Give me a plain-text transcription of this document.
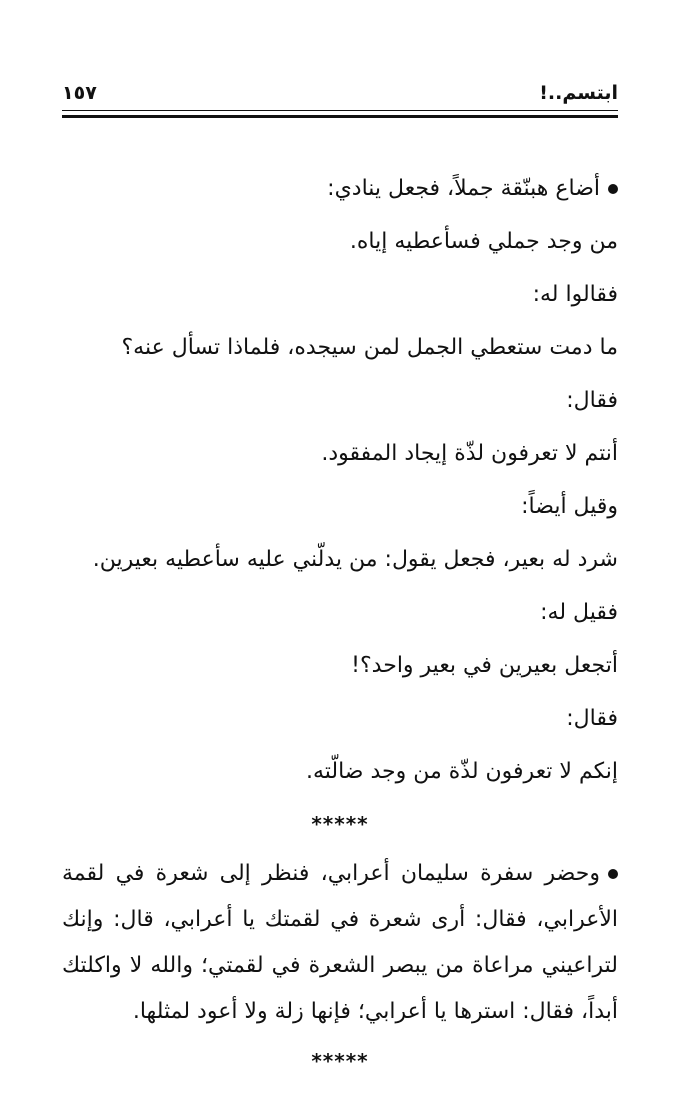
ابتسم..!
١٥٧

أضاع هبنّقة جملاً، فجعل ينادي:

من وجد جملي فسأعطيه إياه.

فقالوا له:

ما دمت ستعطي الجمل لمن سيجده، فلماذا تسأل عنه؟

فقال:

أنتم لا تعرفون لذّة إيجاد المفقود.

وقيل أيضاً:

شرد له بعير، فجعل يقول: من يدلّني عليه سأعطيه بعيرين.

فقيل له:

أتجعل بعيرين في بعير واحد؟!

فقال:

إنكم لا تعرفون لذّة من وجد ضالّته.

*****

وحضر سفرة سليمان أعرابي، فنظر إلى شعرة في لقمة الأعرابي، فقال: أرى شعرة في لقمتك يا أعرابي، قال: وإنك لتراعيني مراعاة من يبصر الشعرة في لقمتي؛ والله لا واكلتك أبداً، فقال: استرها يا أعرابي؛ فإنها زلة ولا أعود لمثلها.

*****
